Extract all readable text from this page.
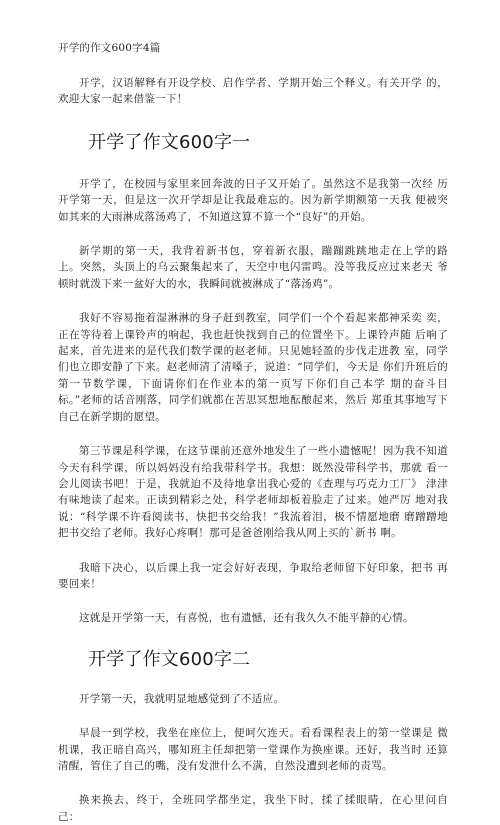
开学的作文600字4篇

开学，汉语解释有开设学校、启作学者、学期开始三个释义。有关开学 的，欢迎大家一起来借鉴一下！

开学了作文600字一

开学了，在校园与家里来回奔波的日子又开始了。虽然这不是我第一次经 历开学第一天，但是这一次开学却是让我最难忘的。因为新学期额第一天我 便被突如其来的大雨淋成落汤鸡了，不知道这算不算一个“良好”的开始。

新学期的第一天，我背着新书包，穿着新衣服，蹦蹦跳跳地走在上学的路 上。突然，头顶上的乌云聚集起来了，天空中电闪雷鸣。没等我反应过来老天 爷顿时就泼下来一盆好大的水，我瞬间就被淋成了“落汤鸡”。

我好不容易拖着湿淋淋的身子赶到教室，同学们一个个看起来都神采奕 奕，正在等待着上课铃声的响起，我也赶快找到自己的位置坐下。上课铃声随 后响了起来，首先进来的是代我们数学课的赵老师。只见她轻盈的步伐走进教 室，同学们也立即安静了下来。赵老师清了清嗓子，说道：“同学们，今天是 你们升班后的第一节数学课，下面请你们在作业本的第一页写下你们自己本学 期的奋斗目标。”老师的话音刚落，同学们就都在苦思冥想地酝酿起来，然后 郑重其事地写下自己在新学期的愿望。

第三节课是科学课，在这节课前还意外地发生了一些小遗憾呢！因为我不知道今天有科学课，所以妈妈没有给我带科学书。我想：既然没带科学书，那就 看一会儿阅读书吧！于是，我就迫不及待地拿出我心爱的《查理与巧克力工厂》 津津有味地读了起来。正读到精彩之处，科学老师却板着脸走了过来。她严厉 地对我说：“科学课不许看阅读书，快把书交给我！”我流着泪，极不情愿地磨 磨蹭蹭地把书交给了老师。我好心疼啊！那可是爸爸刚给我从网上买的`新书 啊。

我暗下决心，以后课上我一定会好好表现，争取给老师留下好印象，把书 再要回来！

这就是开学第一天，有喜悦，也有遗憾，还有我久久不能平静的心情。

开学了作文600字二

开学第一天，我就明显地感觉到了不适应。

早晨一到学校，我坐在座位上，便呵欠连天。看看课程表上的第一堂课是 微机课，我正暗自高兴，哪知班主任却把第一堂课作为换座课。还好，我当时 还算清醒，管住了自己的嘴，没有发泄什么不满，自然没遭到老师的责骂。

换来换去，终于，全班同学都坐定，我坐下时，揉了揉眼睛，在心里问自 己：
